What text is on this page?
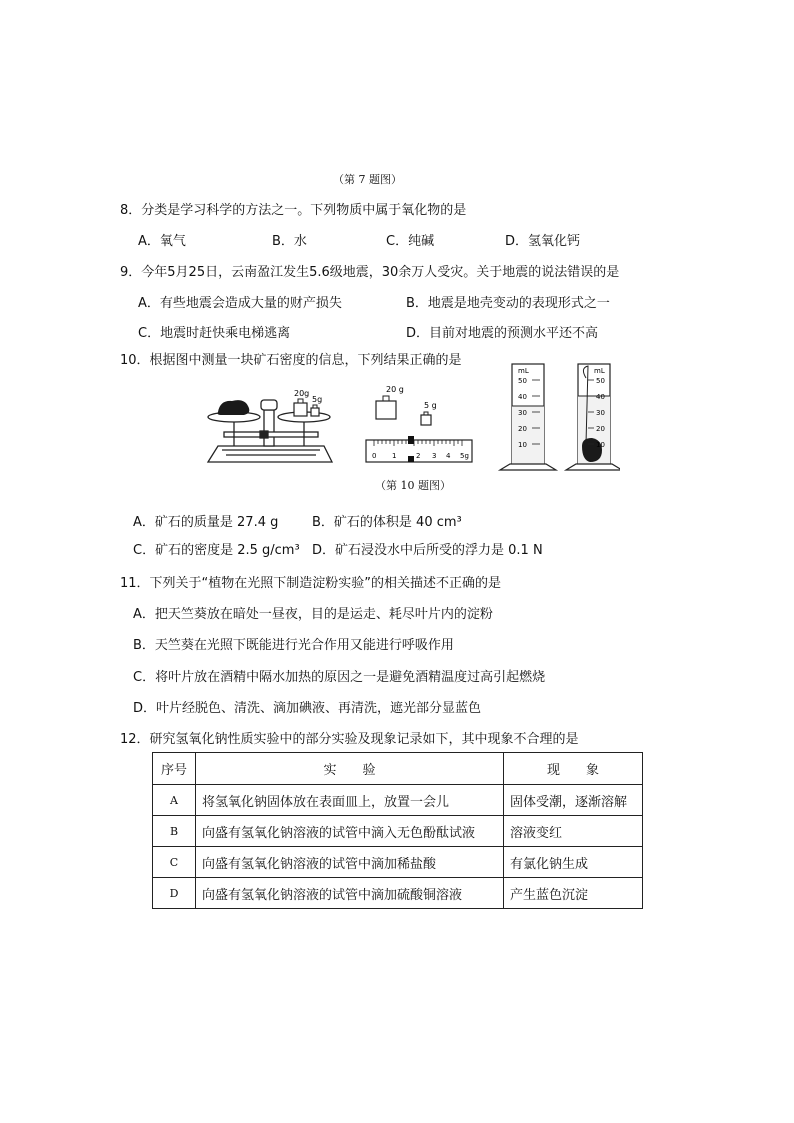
（第 7 题图）
8．分类是学习科学的方法之一。下列物质中属于氧化物的是
A．氧气	B．水	C．纯碱	D．氢氧化钙
9．今年5月25日，云南盈江发生5.6级地震，30余万人受灾。关于地震的说法错误的是
A．有些地震会造成大量的财产损失	B．地震是地壳变动的表现形式之一
C．地震时赶快乘电梯逃离	D．目前对地震的预测水平还不高
10．根据图中测量一块矿石密度的信息，下列结果正确的是
20g
5g
20 g
5 g
0 1	2 3 4 5g
mL
50
40
30
20
10
mL
50
40
30
20
10
（第 10 题图）
A．矿石的质量是 27.4 g	B．矿石的体积是 40 cm³
C．矿石的密度是 2.5 g/cm³ D．矿石浸没水中后所受的浮力是 0.1 N
11．下列关于“植物在光照下制造淀粉实验”的相关描述不正确的是
A．把天竺葵放在暗处一昼夜，目的是运走、耗尽叶片内的淀粉
B．天竺葵在光照下既能进行光合作用又能进行呼吸作用
C．将叶片放在酒精中隔水加热的原因之一是避免酒精温度过高引起燃烧
D．叶片经脱色、清洗、滴加碘液、再清洗，遮光部分显蓝色
12．研究氢氧化钠性质实验中的部分实验及现象记录如下，其中现象不合理的是
序号	实　　验	现　　象
A	将氢氧化钠固体放在表面皿上，放置一会儿	固体受潮，逐渐溶解
B	向盛有氢氧化钠溶液的试管中滴入无色酚酞试液	溶液变红
C	向盛有氢氧化钠溶液的试管中滴加稀盐酸	有氯化钠生成
D	向盛有氢氧化钠溶液的试管中滴加硫酸铜溶液	产生蓝色沉淀
